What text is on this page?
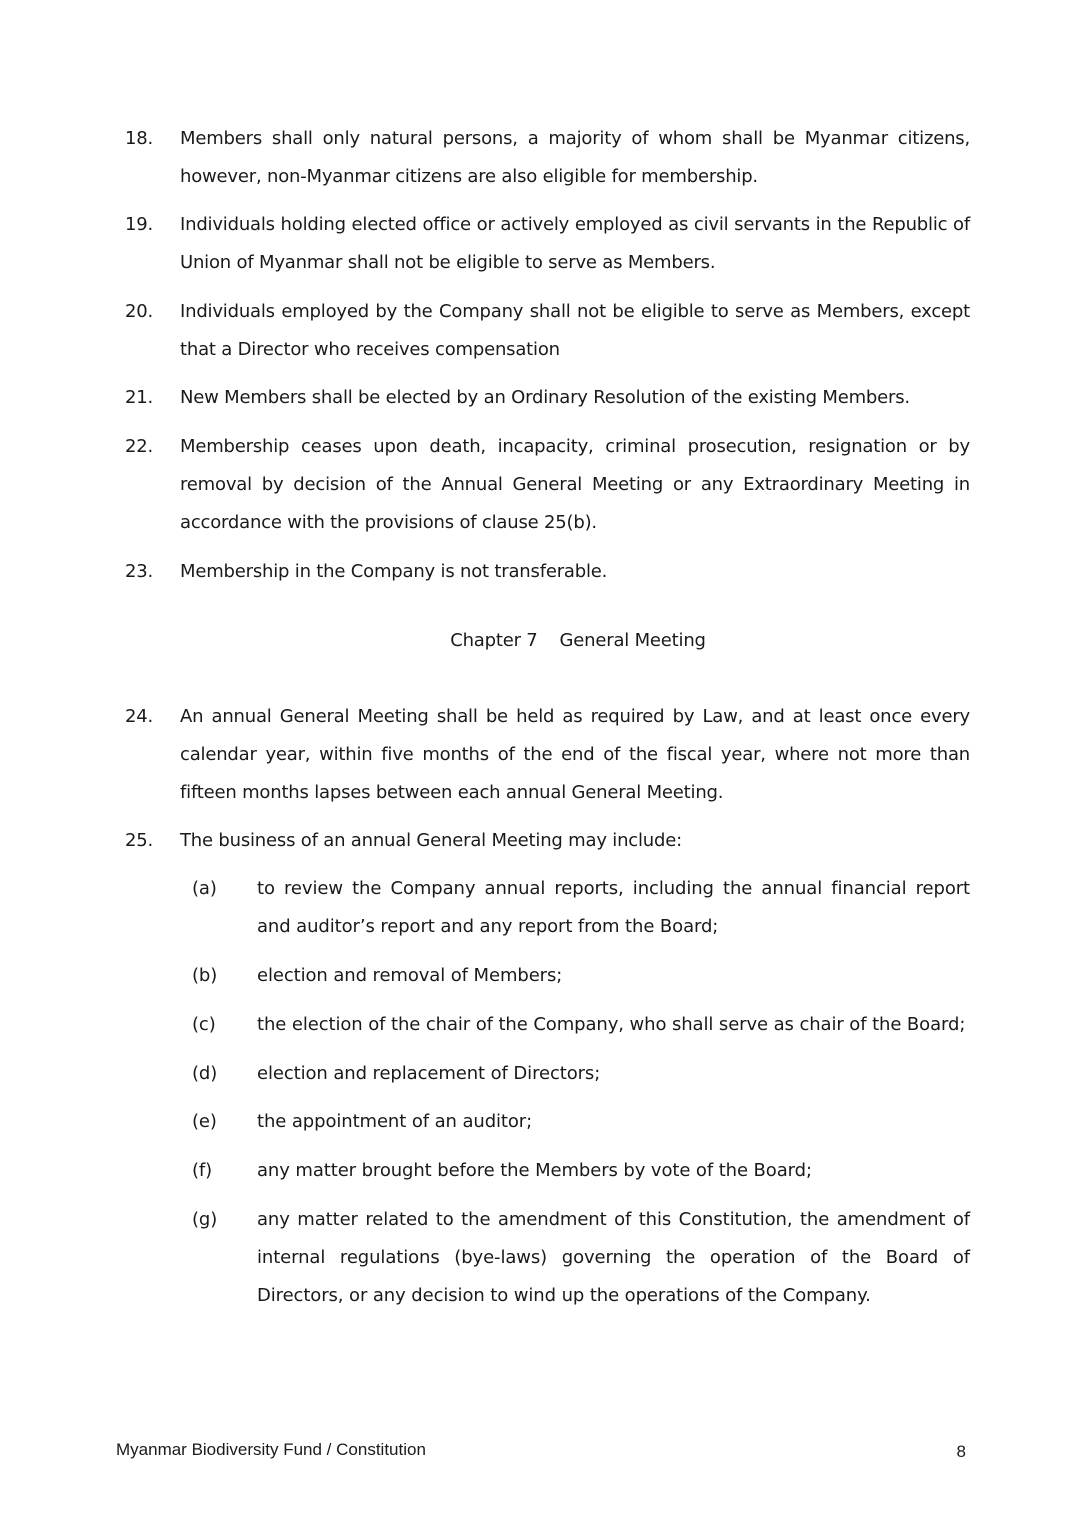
18.	Members shall only natural persons, a majority of whom shall be Myanmar citizens, however, non-Myanmar citizens are also eligible for membership.
19.	Individuals holding elected office or actively employed as civil servants in the Republic of Union of Myanmar shall not be eligible to serve as Members.
20.	Individuals employed by the Company shall not be eligible to serve as Members, except that a Director who receives compensation
21.	New Members shall be elected by an Ordinary Resolution of the existing Members.
22.	Membership ceases upon death, incapacity, criminal prosecution, resignation or by removal by decision of the Annual General Meeting or any Extraordinary Meeting in accordance with the provisions of clause 25(b).
23.	Membership in the Company is not transferable.
Chapter 7 General Meeting
24.	An annual General Meeting shall be held as required by Law, and at least once every calendar year, within five months of the end of the fiscal year, where not more than fifteen months lapses between each annual General Meeting.
25.	The business of an annual General Meeting may include:
(a)	to review the Company annual reports, including the annual financial report and auditor’s report and any report from the Board;
(b)	election and removal of Members;
(c)	the election of the chair of the Company, who shall serve as chair of the Board;
(d)	election and replacement of Directors;
(e)	the appointment of an auditor;
(f)	any matter brought before the Members by vote of the Board;
(g)	any matter related to the amendment of this Constitution, the amendment of internal regulations (bye-laws) governing the operation of the Board of Directors, or any decision to wind up the operations of the Company.
Myanmar Biodiversity Fund / Constitution	8
